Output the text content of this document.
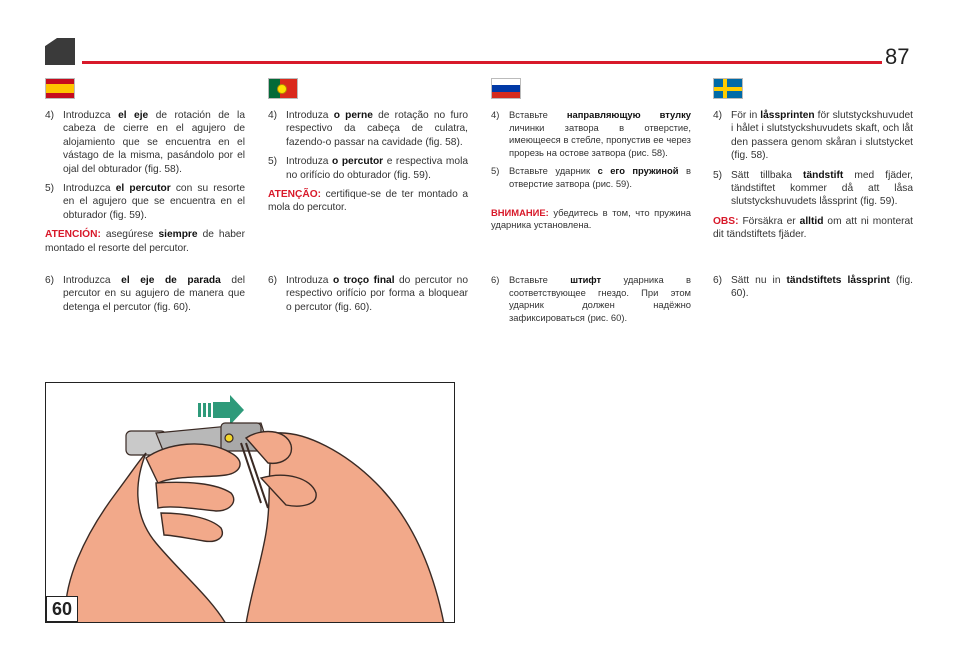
87
4) Introduzca el eje de rotación de la cabeza de cierre en el agujero de alojamiento que se encuentra en el vástago de la misma, pasándolo por el ojal del obturador (fig. 58).
5) Introduzca el percutor con su resorte en el agujero que se encuentra en el obturador (fig. 59).
ATENCIÓN: asegúrese siempre de haber montado el resorte del percutor.
6) Introduzca el eje de parada del percutor en su agujero de manera que detenga el percutor (fig. 60).
4) Introduza o perne de rotação no furo respectivo da cabeça de culatra, fazendo-o passar na cavidade (fig. 58).
5) Introduza o percutor e respectiva mola no orifício do obturador (fig. 59).
ATENÇÃO: certifique-se de ter montado a mola do percutor.
6) Introduza o troço final do percutor no respectivo orifício por forma a bloquear o percutor (fig. 60).
4)	Вставьте направляющую втулку личинки затвора в отверстие, имеющееся в стебле, пропустив ее через прорезь на остове затвора (рис. 58).
5)	Вставьте ударник с его пружиной в отверстие затвора (рис. 59).
ВНИМАНИЕ: убедитесь в том, что пружина ударника установлена.
6)	Вставьте штифт ударника в соответствующее гнездо. При этом ударник должен надёжно зафиксироваться (рис. 60).
4) För in låssprinten för slutstyckshuvudet i hålet i slutstyckshuvudets skaft, och låt den passera genom skåran i slutstycket (fig. 58).
5) Sätt tillbaka tändstift med fjäder, tändstiftet kommer då att låsa slutstyckshuvudets låssprint (fig. 59).
OBS: Försäkra er alltid om att ni monterat dit tändstiftets fjäder.
6) Sätt nu in tändstiftets låssprint (fig. 60).
60
